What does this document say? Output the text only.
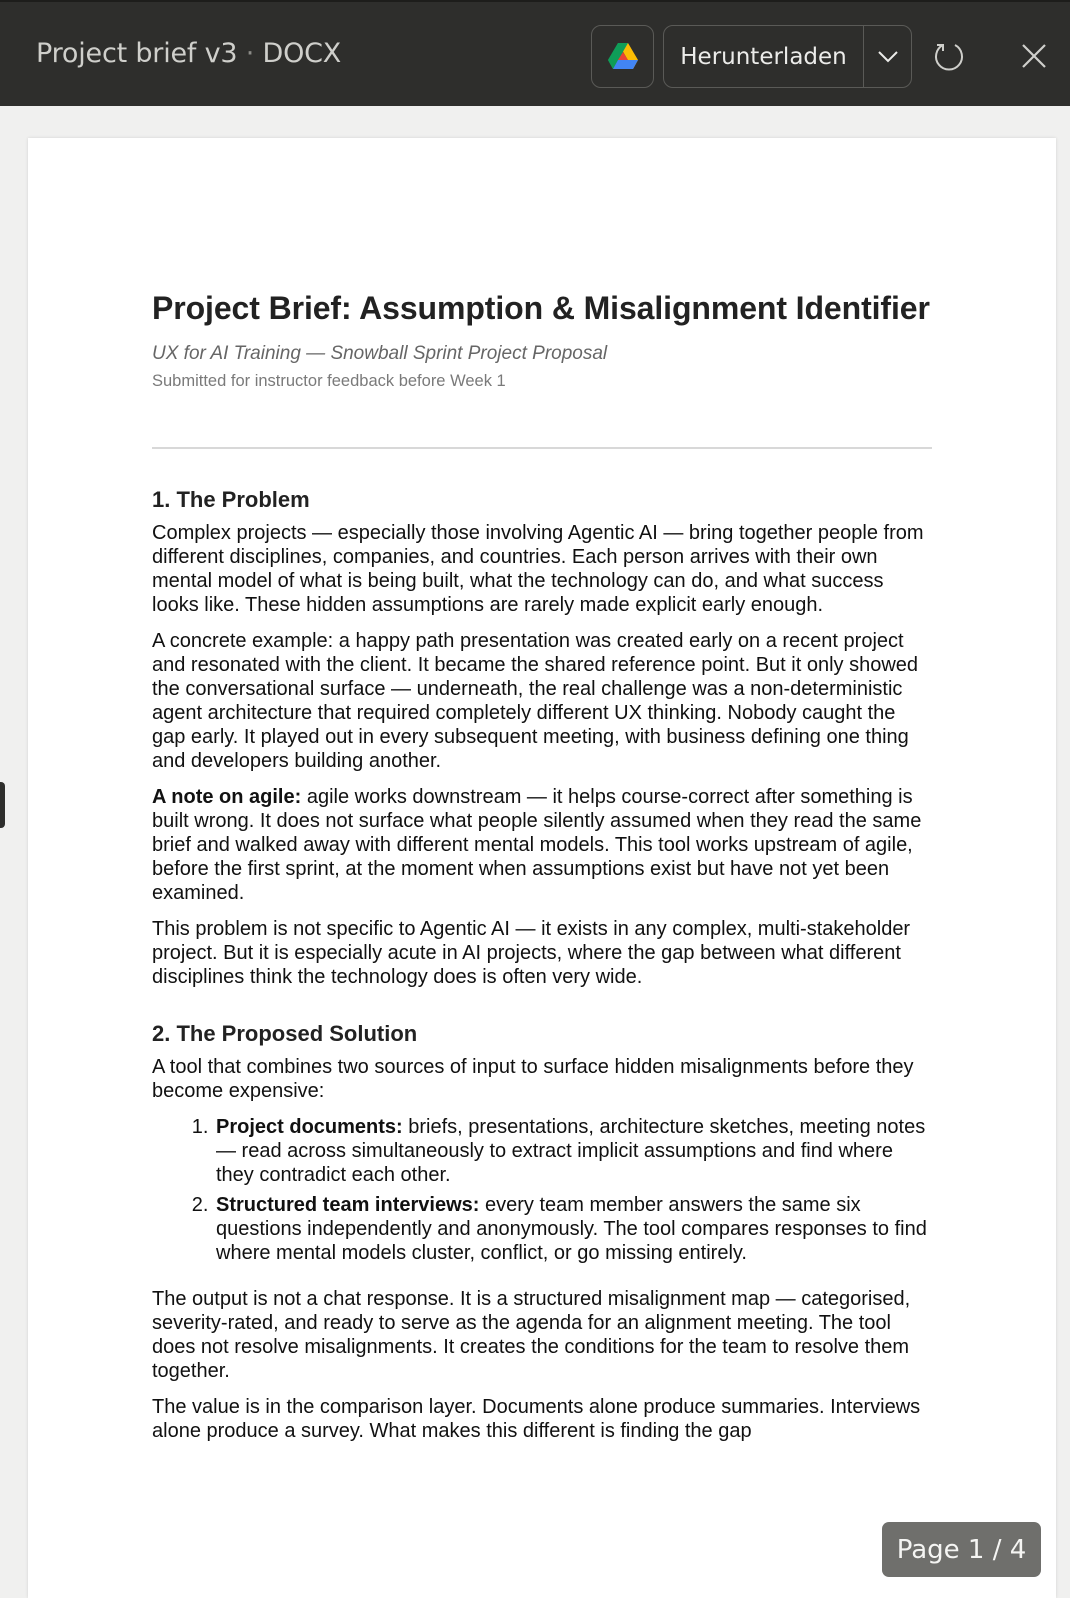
Project brief v3 · DOCX	Herunterladen
Project Brief: Assumption & Misalignment Identifier
UX for AI Training — Snowball Sprint Project Proposal
Submitted for instructor feedback before Week 1
1. The Problem

Complex projects — especially those involving Agentic AI — bring together people from different disciplines, companies, and countries. Each person arrives with their own mental model of what is being built, what the technology can do, and what success looks like. These hidden assumptions are rarely made explicit early enough.

A concrete example: a happy path presentation was created early on a recent project and resonated with the client. It became the shared reference point. But it only showed the conversational surface — underneath, the real challenge was a non-deterministic agent architecture that required completely different UX thinking. Nobody caught the gap early. It played out in every subsequent meeting, with business defining one thing and developers building another.

A note on agile: agile works downstream — it helps course-correct after something is built wrong. It does not surface what people silently assumed when they read the same brief and walked away with different mental models. This tool works upstream of agile, before the first sprint, at the moment when assumptions exist but have not yet been examined.

This problem is not specific to Agentic AI — it exists in any complex, multi-stakeholder project. But it is especially acute in AI projects, where the gap between what different disciplines think the technology does is often very wide.

2. The Proposed Solution

A tool that combines two sources of input to surface hidden misalignments before they become expensive:

1. Project documents: briefs, presentations, architecture sketches, meeting notes — read across simultaneously to extract implicit assumptions and find where they contradict each other.
2. Structured team interviews: every team member answers the same six questions independently and anonymously. The tool compares responses to find where mental models cluster, conflict, or go missing entirely.

The output is not a chat response. It is a structured misalignment map — categorised, severity-rated, and ready to serve as the agenda for an alignment meeting. The tool does not resolve misalignments. It creates the conditions for the team to resolve them together.

The value is in the comparison layer. Documents alone produce summaries. Interviews alone produce a survey. What makes this different is finding the gap

Page 1 / 4
